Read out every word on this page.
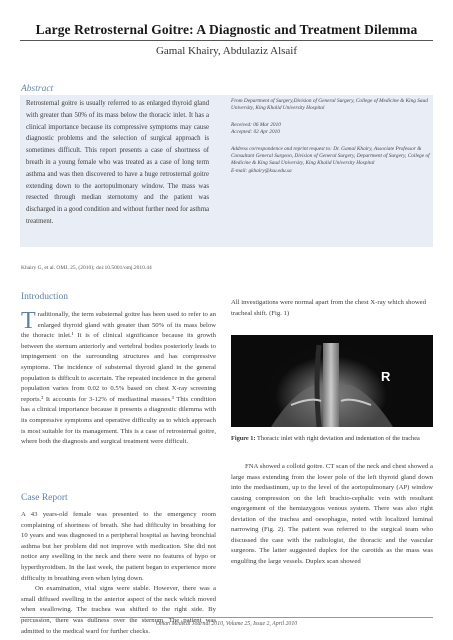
Large Retrosternal Goitre: A Diagnostic and Treatment Dilemma
Gamal Khairy, Abdulaziz Alsaif
Abstract
Retrosternal goitre is usually referred to as enlarged thyroid gland with greater than 50% of its mass below the thoracic inlet. It has a clinical importance because its compressive symptoms may cause diagnostic problems and the selection of surgical approach is sometimes difficult. This report presents a case of shortness of breath in a young female who was treated as a case of long term asthma and was then discovered to have a huge retrosternal goitre extending down to the aortopulmonary window. The mass was resected through median sternotomy and the patient was discharged in a good condition and without further need for asthma treatment.

From Department of Surgery,Division of General Surgery, College of Medicine & King Saud University, King Khalid University Hospital

Received: 06 Mar 2010

Accepted: 02 Apr 2010

Address correspondence and reprint request to: Dr. Gamal Khairy, Associate Professor & Consultant General Surgeon, Division of General Surgery, Department of Surgery, College of Medicine & King Saud University, King Khalid University Hospital

E-mail: gkhairy@ksu.edu.sa

Khairy G, et al. OMJ. 25, (2010); doi:10.5001/omj.2010.44
Introduction

Traditionally, the term substernal goitre has been used to refer to an enlarged thyroid gland with greater than 50% of its mass below the thoracic inlet.¹ It is of clinical significance because its growth between the sternum anteriorly and vertebral bodies posteriorly leads to impingement on the surrounding structures and has compressive symptoms. The incidence of substernal thyroid gland in the general population is difficult to ascertain. The repeated incidence in the general population varies from 0.02 to 0.5% based on chest X-ray screening reports.² It accounts for 3-12% of mediastinal masses.³ This condition has a clinical importance because it presents a diagnostic dilemma with its compressive symptoms and operative difficulty as to which approach is most suitable for its management. This is a case of retrosternal goitre, where both the diagnosis and surgical treatment were difficult.

Case Report

A 43 years-old female was presented to the emergency room complaining of shortness of breath. She had difficulty in breathing for 10 years and was diagnosed in a peripheral hospital as having bronchial asthma but her problem did not improve with medication. She did not notice any swelling in the neck and there were no features of hypo or hyperthyroidism. In the last week, the patient began to experience more difficulty in breathing even when lying down.

On examination, vital signs were stable. However, there was a small diffused swelling in the anterior aspect of the neck which moved when swallowing. The trachea was shifted to the right side. By percussion, there was dullness over the sternum. The patient was admitted to the medical ward for further checks.

All investigations were normal apart from the chest X-ray which showed tracheal shift. (Fig. 1)
R
Figure 1: Thoracic inlet with right deviation and indentation of the trachea

FNA showed a colloid goitre. CT scan of the neck and chest showed a large mass extending from the lower pole of the left thyroid gland down into the mediastinum, up to the level of the aortopulmonary (AP) window causing compression on the left brachio-cephalic vein with resultant engorgement of the hemiazygous venous system. There was also right deviation of the trachea and oesophagus, noted with localized luminal narrowing (Fig. 2). The patient was referred to the surgical team who discussed the case with the radiologist, the thoracic and the vascular surgeons. The latter suggested duplex for the carotids as the mass was engulfing the large vessels. Duplex scan showed

Oman Medical Journal 2010, Volume 25, Issue 2, April 2010
